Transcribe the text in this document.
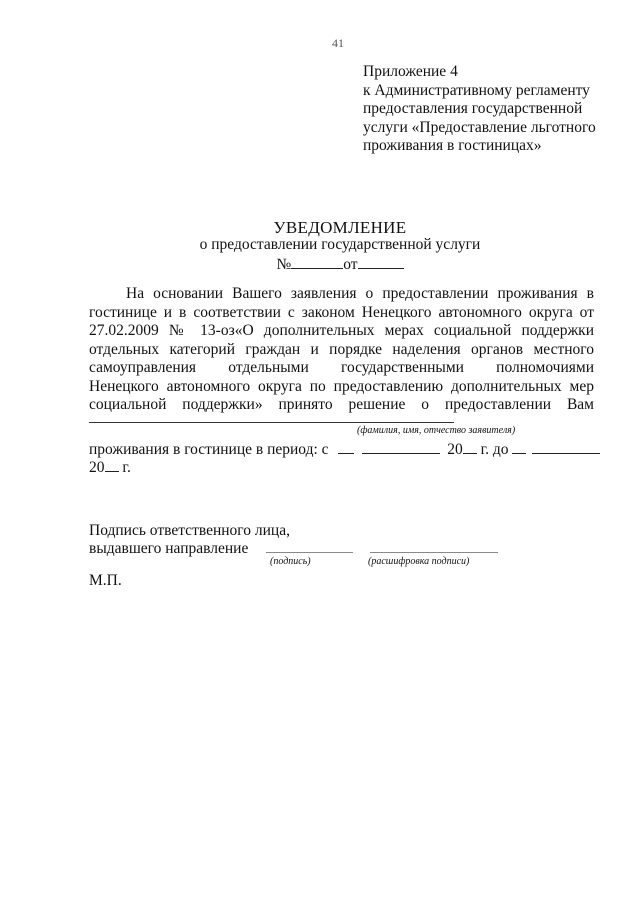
41
Приложение 4
к Административному регламенту
предоставления государственной
услуги «Предоставление льготного
проживания в гостиницах»
УВЕДОМЛЕНИЕ
о предоставлении государственной услуги
№	от
На основании Вашего заявления о предоставлении проживания в
гостинице и в соответствии с законом Ненецкого автономного округа от
27.02.2009 № 13-оз«О дополнительных мерах социальной поддержки
отдельных категорий граждан и порядке наделения органов местного
самоуправления отдельными государственными полномочиями
Ненецкого автономного округа по предоставлению дополнительных мер
социальной поддержки» принято решение о предоставлении Вам
(фамилия, имя, отчество заявителя)
проживания в гостинице в период: с	20 г. до
20 г.
Подпись ответственного лица,
выдавшего направление
(подпись)	(расшифровка подписи)
М.П.
